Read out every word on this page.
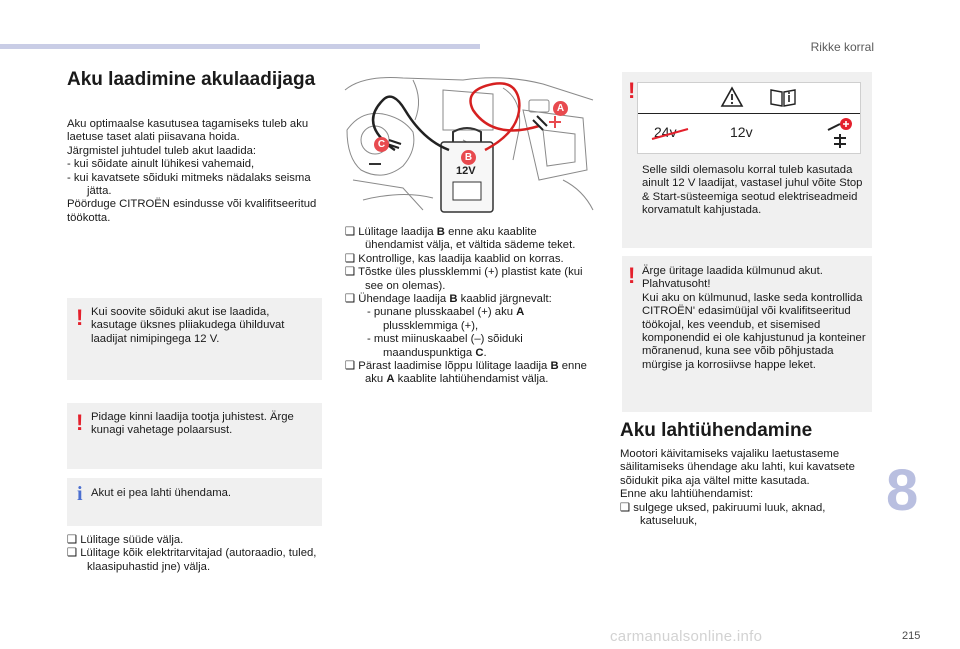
Rikke korral
8
215
carmanualsonline.info
Aku laadimine akulaadijaga

Aku optimaalse kasutusea tagamiseks tuleb aku laetuse taset alati piisavana hoida.

Järgmistel juhtudel tuleb akut laadida:

- kui sõidate ainult lühikesi vahemaid,

- kui kavatsete sõiduki mitmeks nädalaks seisma jätta.

Pöörduge CITROËN esindusse või kvalifitseeritud töökotta.

! Kui soovite sõiduki akut ise laadida, kasutage üksnes pliiakudega ühilduvat laadijat nimipingega 12 V.

! Pidage kinni laadija tootja juhistest. Ärge kunagi vahetage polaarsust.

i Akut ei pea lahti ühendama.

❑ Lülitage süüde välja.

❑ Lülitage kõik elektritarvitajad (autoraadio, tuled, klaasipuhastid jne) välja.

12V
A
B
C

❑ Lülitage laadija B enne aku kaablite ühendamist välja, et vältida sädeme teket.

❑ Kontrollige, kas laadija kaablid on korras.

❑ Tõstke üles plussklemmi (+) plastist kate (kui see on olemas).

❑ Ühendage laadija B kaablid järgnevalt:

- punane plusskaabel (+) aku A plussklemmiga (+),

- must miinuskaabel (–) sõiduki maanduspunktiga C.

❑ Pärast laadimise lõppu lülitage laadija B enne aku A kaablite lahtiühendamist välja.

!
24v	12v

Selle sildi olemasolu korral tuleb kasutada ainult 12 V laadijat, vastasel juhul võite Stop & Start-süsteemiga seotud elektriseadmeid korvamatult kahjustada.

! Ärge üritage laadida külmunud akut.

Plahvatusoht!

Kui aku on külmunud, laske seda kontrollida CITROËN' edasimüüjal või kvalifitseeritud töökojal, kes veendub, et sisemised komponendid ei ole kahjustunud ja konteiner mõranenud, kuna see võib põhjustada mürgise ja korrosiivse happe leket.

Aku lahtiühendamine

Mootori käivitamiseks vajaliku laetustaseme säilitamiseks ühendage aku lahti, kui kavatsete sõidukit pika aja vältel mitte kasutada.

Enne aku lahtiühendamist:

❑ sulgege uksed, pakiruumi luuk, aknad, katuseluuk,
